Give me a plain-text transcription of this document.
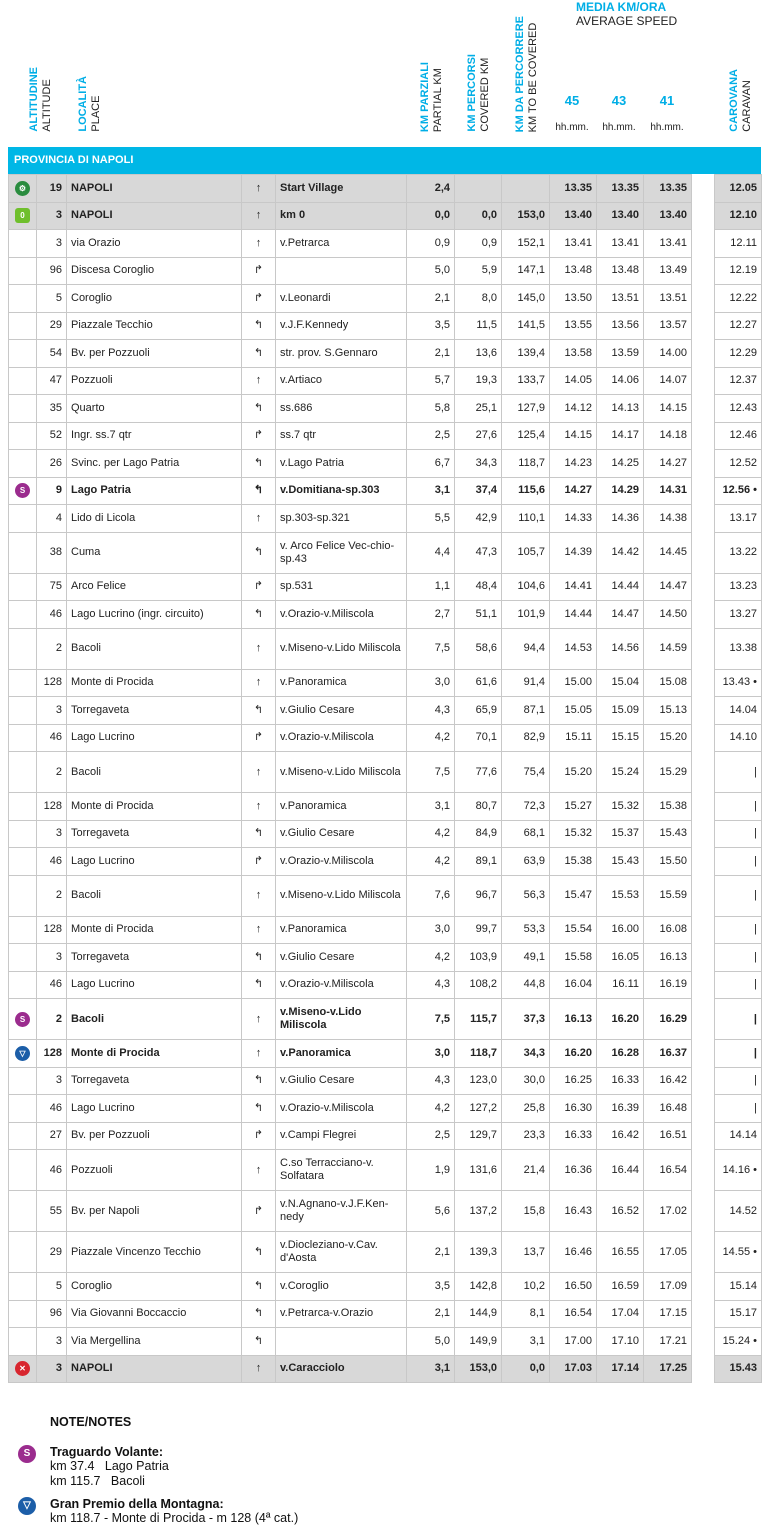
ALTITUDINE ALTITUDE LOCALITÀ PLACE	KM PARZIALI PARTIAL KM KM PERCORSI COVERED KM KM DA PERCORRERE KM TO BE COVERED
MEDIA KM/ORA
AVERAGE SPEED
45	43	41
hh.mm.	hh.mm.	hh.mm.	CAROVANA CARAVAN
PROVINCIA DI NAPOLI
⚙	19	NAPOLI	↑	Start Village	2,4			13.35	13.35	13.35		12.05
0	3	NAPOLI	↑	km 0	0,0	0,0	153,0	13.40	13.40	13.40		12.10
	3	via Orazio	↑	v.Petrarca	0,9	0,9	152,1	13.41	13.41	13.41		12.11
	96	Discesa Coroglio	↱		5,0	5,9	147,1	13.48	13.48	13.49		12.19
	5	Coroglio	↱	v.Leonardi	2,1	8,0	145,0	13.50	13.51	13.51		12.22
	29	Piazzale Tecchio	↰	v.J.F.Kennedy	3,5	11,5	141,5	13.55	13.56	13.57		12.27
	54	Bv. per Pozzuoli	↰	str. prov. S.Gennaro	2,1	13,6	139,4	13.58	13.59	14.00		12.29
	47	Pozzuoli	↑	v.Artiaco	5,7	19,3	133,7	14.05	14.06	14.07		12.37
	35	Quarto	↰	ss.686	5,8	25,1	127,9	14.12	14.13	14.15		12.43
	52	Ingr. ss.7 qtr	↱	ss.7 qtr	2,5	27,6	125,4	14.15	14.17	14.18		12.46
	26	Svinc. per Lago Patria	↰	v.Lago Patria	6,7	34,3	118,7	14.23	14.25	14.27		12.52
S	9	Lago Patria	↰	v.Domitiana-sp.303	3,1	37,4	115,6	14.27	14.29	14.31		12.56 •
	4	Lido di Licola	↑	sp.303-sp.321	5,5	42,9	110,1	14.33	14.36	14.38		13.17
	38	Cuma	↰	v. Arco Felice Vec-chio-sp.43	4,4	47,3	105,7	14.39	14.42	14.45		13.22
	75	Arco Felice	↱	sp.531	1,1	48,4	104,6	14.41	14.44	14.47		13.23
	46	Lago Lucrino (ingr. circuito)	↰	v.Orazio-v.Miliscola	2,7	51,1	101,9	14.44	14.47	14.50		13.27
	2	Bacoli	↑	v.Miseno-v.Lido Miliscola	7,5	58,6	94,4	14.53	14.56	14.59		13.38
	128	Monte di Procida	↑	v.Panoramica	3,0	61,6	91,4	15.00	15.04	15.08		13.43 •
	3	Torregaveta	↰	v.Giulio Cesare	4,3	65,9	87,1	15.05	15.09	15.13		14.04
	46	Lago Lucrino	↱	v.Orazio-v.Miliscola	4,2	70,1	82,9	15.11	15.15	15.20		14.10
	2	Bacoli	↑	v.Miseno-v.Lido Miliscola	7,5	77,6	75,4	15.20	15.24	15.29		|
	128	Monte di Procida	↑	v.Panoramica	3,1	80,7	72,3	15.27	15.32	15.38		|
	3	Torregaveta	↰	v.Giulio Cesare	4,2	84,9	68,1	15.32	15.37	15.43		|
	46	Lago Lucrino	↱	v.Orazio-v.Miliscola	4,2	89,1	63,9	15.38	15.43	15.50		|
	2	Bacoli	↑	v.Miseno-v.Lido Miliscola	7,6	96,7	56,3	15.47	15.53	15.59		|
	128	Monte di Procida	↑	v.Panoramica	3,0	99,7	53,3	15.54	16.00	16.08		|
	3	Torregaveta	↰	v.Giulio Cesare	4,2	103,9	49,1	15.58	16.05	16.13		|
	46	Lago Lucrino	↰	v.Orazio-v.Miliscola	4,3	108,2	44,8	16.04	16.11	16.19		|
S	2	Bacoli	↑	v.Miseno-v.Lido Miliscola	7,5	115,7	37,3	16.13	16.20	16.29		|
▽	128	Monte di Procida	↑	v.Panoramica	3,0	118,7	34,3	16.20	16.28	16.37		|
	3	Torregaveta	↰	v.Giulio Cesare	4,3	123,0	30,0	16.25	16.33	16.42		|
	46	Lago Lucrino	↰	v.Orazio-v.Miliscola	4,2	127,2	25,8	16.30	16.39	16.48		|
	27	Bv. per Pozzuoli	↱	v.Campi Flegrei	2,5	129,7	23,3	16.33	16.42	16.51		14.14
	46	Pozzuoli	↑	C.so Terracciano-v. Solfatara	1,9	131,6	21,4	16.36	16.44	16.54		14.16 •
	55	Bv. per Napoli	↱	v.N.Agnano-v.J.F.Ken-nedy	5,6	137,2	15,8	16.43	16.52	17.02		14.52
	29	Piazzale Vincenzo Tecchio	↰	v.Diocleziano-v.Cav. d'Aosta	2,1	139,3	13,7	16.46	16.55	17.05		14.55 •
	5	Coroglio	↰	v.Coroglio	3,5	142,8	10,2	16.50	16.59	17.09		15.14
	96	Via Giovanni Boccaccio	↰	v.Petrarca-v.Orazio	2,1	144,9	8,1	16.54	17.04	17.15		15.17
	3	Via Mergellina	↰		5,0	149,9	3,1	17.00	17.10	17.21		15.24 •
✕	3	NAPOLI	↑	v.Caracciolo	3,1	153,0	0,0	17.03	17.14	17.25		15.43
NOTE/NOTES
S	Traguardo Volante:
km 37.4   Lago Patria
km 115.7   Bacoli
▽	Gran Premio della Montagna:
km 118.7 - Monte di Procida - m 128 (4ª cat.)
